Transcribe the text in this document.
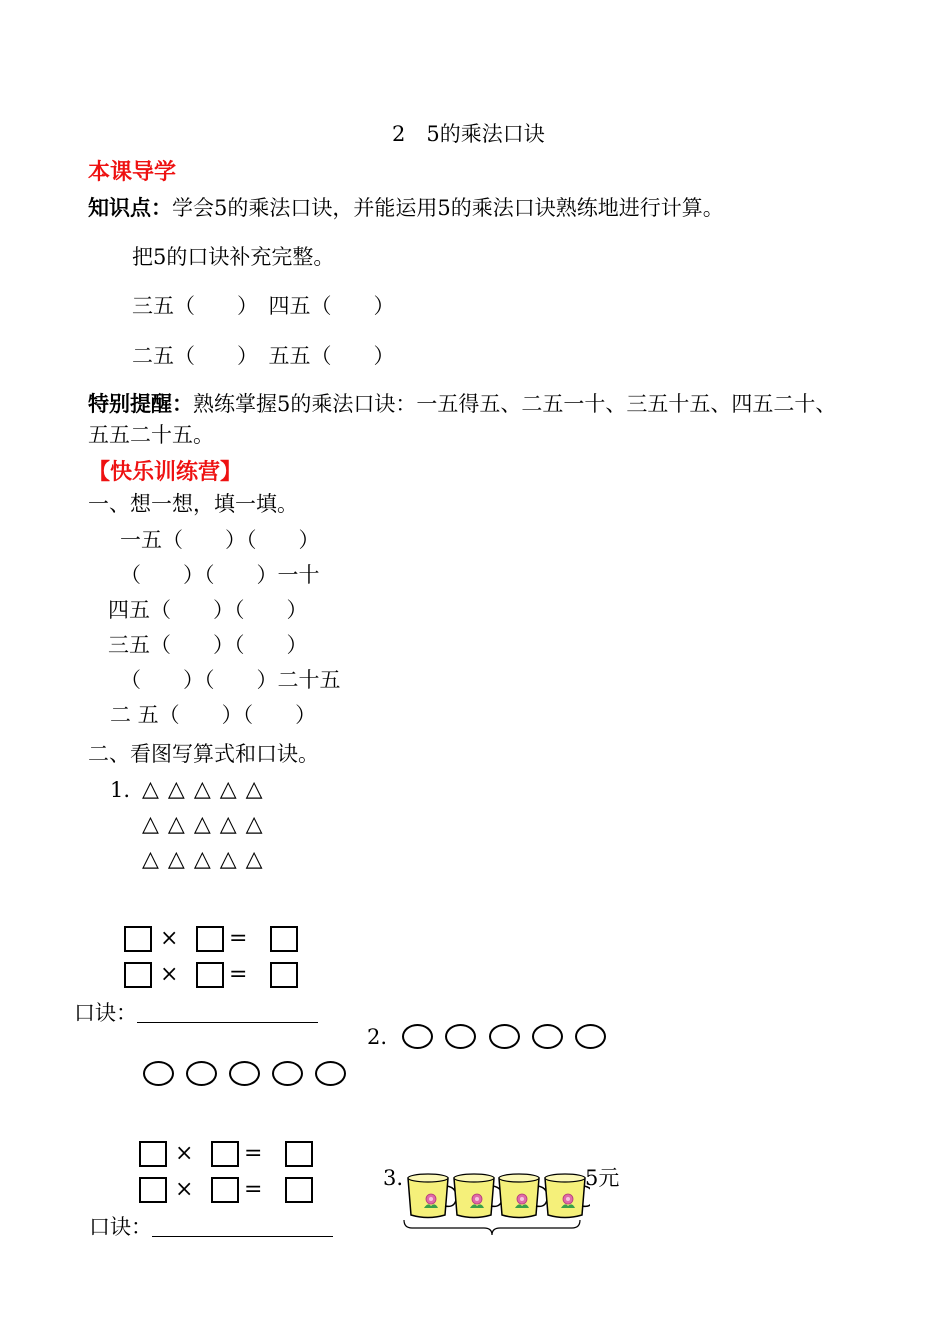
2　5的乘法口诀
本课导学
知识点：学会5的乘法口诀，并能运用5的乘法口诀熟练地进行计算。
把5的口诀补充完整。
三五（　　）　四五（　　）
二五（　　）　五五（　　）
特别提醒：熟练掌握5的乘法口诀：一五得五、二五一十、三五十五、四五二十、
五五二十五。
【快乐训练营】
一、想一想，填一填。
一五（　　）（　　）
（　　）（　　）一十
四五（　　）（　　）
三五（　　）（　　）
（　　）（　　）二十五
二 五（　　）（　　）
二、看图写算式和口诀。
1. △△△△△
△△△△△
△△△△△
× =
× =
口诀：
2.
× =
× =
口诀：
3.	5元
